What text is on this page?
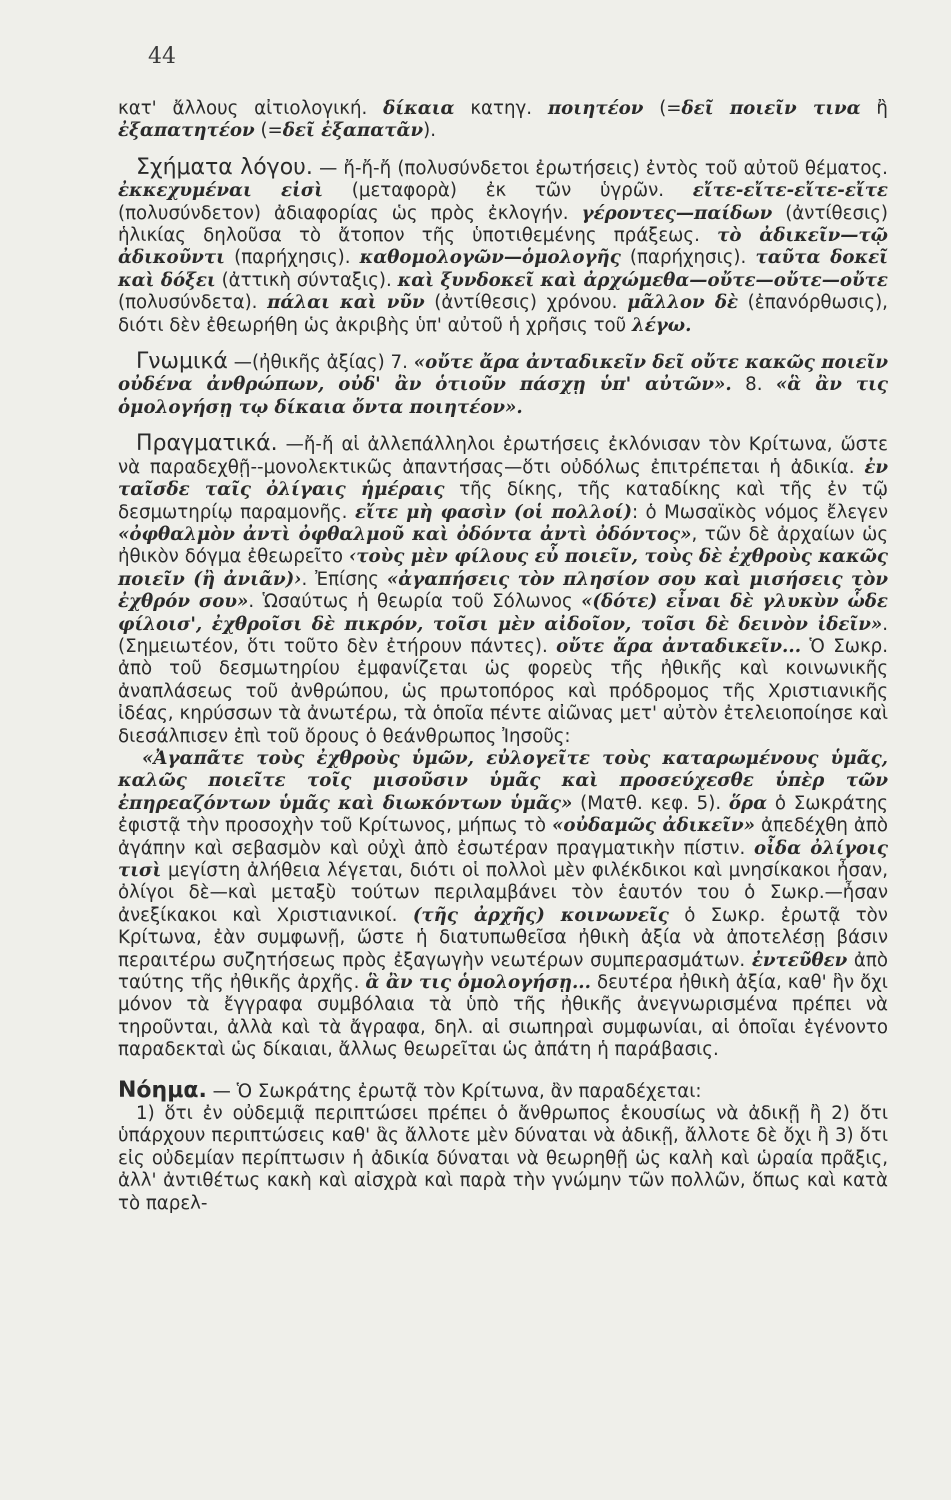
44

κατ' ἄλλους αἰτιολογική. δίκαια κατηγ. ποιητέον (=δεῖ ποιεῖν τινα ἢ ἐξαπατητέον (=δεῖ ἐξαπατᾶν).

Σχήματα λόγου. — ἤ-ἤ-ἤ (πολυσύνδετοι ἐρωτήσεις) ἐντὸς τοῦ αὐτοῦ θέματος. ἐκκεχυμέναι εἰσὶ (μεταφορὰ) ἐκ τῶν ὑγρῶν. εἴτε-εἴτε-εἴτε-εἴτε (πολυσύνδετον) ἀδιαφορίας ὡς πρὸς ἐκλογήν. γέροντες—παίδων (ἀντίθεσις) ἡλικίας δηλοῦσα τὸ ἄτοπον τῆς ὑποτιθεμένης πράξεως. τὸ ἀδικεῖν—τῷ ἀδικοῦντι (παρήχησις). καθομολογῶν—ὁμολογῆς (παρήχησις). ταῦτα δοκεῖ καὶ δόξει (ἀττικὴ σύνταξις). καὶ ξυνδοκεῖ καὶ ἀρχώμεθα—οὔτε—οὔτε—οὔτε (πολυσύνδετα). πάλαι καὶ νῦν (ἀντίθεσις) χρόνου. μᾶλλον δὲ (ἐπανόρθωσις), διότι δὲν ἐθεωρήθη ὡς ἀκριβὴς ὑπ' αὐτοῦ ἡ χρῆσις τοῦ λέγω.

Γνωμικά —(ἠθικῆς ἀξίας) 7. «οὔτε ἄρα ἀνταδικεῖν δεῖ οὔτε κακῶς ποιεῖν οὐδένα ἀνθρώπων, οὐδ' ἂν ὁτιοῦν πάσχῃ ὑπ' αὐτῶν». 8. «ἃ ἂν τις ὁμολογήσῃ τῳ δίκαια ὄντα ποιητέον».

Πραγματικά. —ἤ-ἤ αἱ ἀλλεπάλληλοι ἐρωτήσεις ἐκλόνισαν τὸν Κρίτωνα, ὥστε νὰ παραδεχθῇ--μονολεκτικῶς ἀπαντήσας—ὅτι οὐδόλως ἐπιτρέπεται ἡ ἀδικία. ἐν ταῖσδε ταῖς ὀλίγαις ἡμέραις τῆς δίκης, τῆς καταδίκης καὶ τῆς ἐν τῷ δεσμωτηρίῳ παραμονῆς. εἴτε μὴ φασὶν (οἱ πολλοί): ὁ Μωσαϊκὸς νόμος ἔλεγεν «ὀφθαλμὸν ἀντὶ ὀφθαλμοῦ καὶ ὀδόντα ἀντὶ ὀδόντος», τῶν δὲ ἀρχαίων ὡς ἠθικὸν δόγμα ἐθεωρεῖτο ‹τοὺς μὲν φίλους εὖ ποιεῖν, τοὺς δὲ ἐχθροὺς κακῶς ποιεῖν (ἢ ἀνιᾶν)›. Ἐπίσης «ἀγαπήσεις τὸν πλησίον σου καὶ μισήσεις τὸν ἐχθρόν σου». Ὡσαύτως ἡ θεωρία τοῦ Σόλωνος «(δότε) εἶναι δὲ γλυκὺν ὧδε φίλοισ', ἐχθροῖσι δὲ πικρόν, τοῖσι μὲν αἰδοῖον, τοῖσι δὲ δεινὸν ἰδεῖν». (Σημειωτέον, ὅτι τοῦτο δὲν ἐτήρουν πάντες). οὔτε ἄρα ἀνταδικεῖν... Ὁ Σωκρ. ἀπὸ τοῦ δεσμωτηρίου ἐμφανίζεται ὡς φορεὺς τῆς ἠθικῆς καὶ κοινωνικῆς ἀναπλάσεως τοῦ ἀνθρώπου, ὡς πρωτοπόρος καὶ πρόδρομος τῆς Χριστιανικῆς ἰδέας, κηρύσσων τὰ ἀνωτέρω, τὰ ὁποῖα πέντε αἰῶνας μετ' αὐτὸν ἐτελειοποίησε καὶ διεσάλπισεν ἐπὶ τοῦ ὄρους ὁ θεάνθρωπος Ἰησοῦς:

«Ἀγαπᾶτε τοὺς ἐχθροὺς ὑμῶν, εὐλογεῖτε τοὺς καταρωμένους ὑμᾶς, καλῶς ποιεῖτε τοῖς μισοῦσιν ὑμᾶς καὶ προσεύχεσθε ὑπὲρ τῶν ἐπηρεαζόντων ὑμᾶς καὶ διωκόντων ὑμᾶς» (Ματθ. κεφ. 5). ὅρα ὁ Σωκράτης ἐφιστᾷ τὴν προσοχὴν τοῦ Κρίτωνος, μήπως τὸ «οὐδαμῶς ἀδικεῖν» ἀπεδέχθη ἀπὸ ἀγάπην καὶ σεβασμὸν καὶ οὐχὶ ἀπὸ ἐσωτέραν πραγματικὴν πίστιν. οἶδα ὀλίγοις τισὶ μεγίστη ἀλήθεια λέγεται, διότι οἱ πολλοὶ μὲν φιλέκδικοι καὶ μνησίκακοι ἦσαν, ὀλίγοι δὲ—καὶ μεταξὺ τούτων περιλαμβάνει τὸν ἑαυτόν του ὁ Σωκρ.—ἦσαν ἀνεξίκακοι καὶ Χριστιανικοί. (τῆς ἀρχῆς) κοινωνεῖς ὁ Σωκρ. ἐρωτᾷ τὸν Κρίτωνα, ἐὰν συμφωνῇ, ὥστε ἡ διατυπωθεῖσα ἠθικὴ ἀξία νὰ ἀποτελέσῃ βάσιν περαιτέρω συζητήσεως πρὸς ἐξαγωγὴν νεωτέρων συμπερασμάτων. ἐντεῦθεν ἀπὸ ταύτης τῆς ἠθικῆς ἀρχῆς. ἃ ἂν τις ὁμολογήσῃ... δευτέρα ἠθικὴ ἀξία, καθ' ἣν ὄχι μόνον τὰ ἔγγραφα συμβόλαια τὰ ὑπὸ τῆς ἠθικῆς ἀνεγνωρισμένα πρέπει νὰ τηροῦνται, ἀλλὰ καὶ τὰ ἄγραφα, δηλ. αἱ σιωπηραὶ συμφωνίαι, αἱ ὁποῖαι ἐγένοντο παραδεκταὶ ὡς δίκαιαι, ἄλλως θεωρεῖται ὡς ἀπάτη ἡ παράβασις.

Νόημα. — Ὁ Σωκράτης ἐρωτᾷ τὸν Κρίτωνα, ἂν παραδέχεται:

1) ὅτι ἐν οὐδεμιᾷ περιπτώσει πρέπει ὁ ἄνθρωπος ἑκουσίως νὰ ἀδικῇ ἢ 2) ὅτι ὑπάρχουν περιπτώσεις καθ' ἃς ἄλλοτε μὲν δύναται νὰ ἀδικῇ, ἄλλοτε δὲ ὄχι ἢ 3) ὅτι εἰς οὐδεμίαν περίπτωσιν ἡ ἀδικία δύναται νὰ θεωρηθῇ ὡς καλὴ καὶ ὡραία πρᾶξις, ἀλλ' ἀντιθέτως κακὴ καὶ αἰσχρὰ καὶ παρὰ τὴν γνώμην τῶν πολλῶν, ὅπως καὶ κατὰ τὸ παρελ-
